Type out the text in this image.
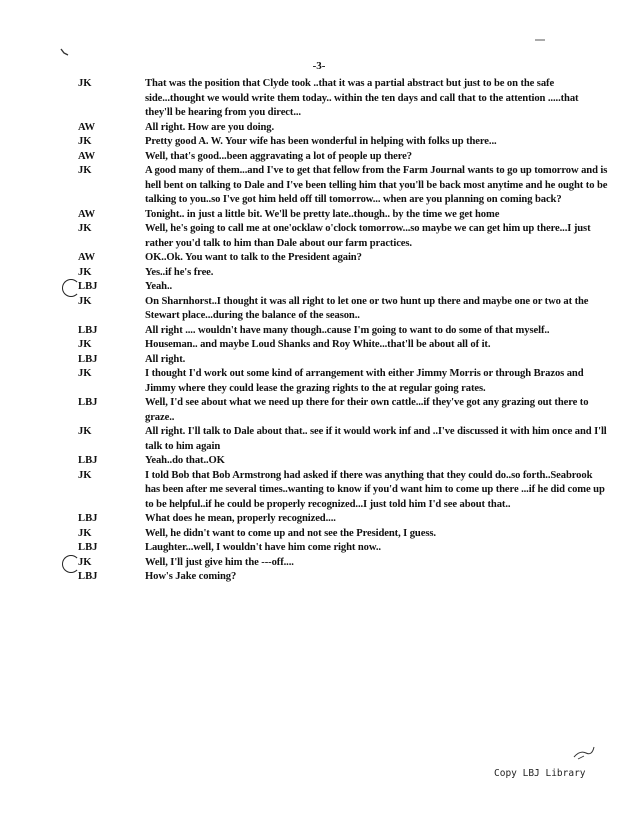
-3-
JK	That was the position that Clyde took ..that it was a partial abstract but just to be on the safe side...thought we would write them today.. within the ten days and call that to the attention .....that they'll be hearing from you direct...
AW	All right. How are you doing.
JK	Pretty good A. W. Your wife has been wonderful in helping with folks up there...
AW	Well, that's good...been aggravating a lot of people up there?
JK	A good many of them...and I've to get that fellow from the Farm Journal wants to go up tomorrow and is hell bent on talking to Dale and I've been telling him that you'll be back most anytime and he ought to be talking to you..so I've got him held off till tomorrow... when are you planning on coming back?
AW	Tonight.. in just a little bit. We'll be pretty late..though.. by the time we get home
JK	Well, he's going to call me at one'ocklaw o'clock tomorrow...so maybe we can get him up there...I just rather you'd talk to him than Dale about our farm practices.
AW	OK..Ok. You want to talk to the President again?
JK	Yes..if he's free.
LBJ	Yeah..
JK	On Sharnhorst..I thought it was all right to let one or two hunt up there and maybe one or two at the Stewart place...during the balance of the season..
LBJ	All right .... wouldn't have many though..cause I'm going to want to do some of that myself..
JK	Houseman.. and maybe Loud Shanks and Roy White...that'll be about all of it.
LBJ	All right.
JK	I thought I'd work out some kind of arrangement with either Jimmy Morris or through Brazos and Jimmy where they could lease the grazing rights to the at regular going rates.
LBJ	Well, I'd see about what we need up there for their own cattle...if they've got any grazing out there to graze..
JK	All right. I'll talk to Dale about that.. see if it would work inf and ..I've discussed it with him once and I'll talk to him again
LBJ	Yeah..do that..OK
JK	I told Bob that Bob Armstrong had asked if there was anything that they could do..so forth..Seabrook has been after me several times..wanting to know if you'd want him to come up there ...if he did come up to be helpful..if he could be properly recognized...I just told him I'd see about that..
LBJ	What does he mean, properly recognized....
JK	Well, he didn't want to come up and not see the President, I guess.
LBJ	Laughter...well, I wouldn't have him come right now..
JK	Well, I'll just give him the ---off....
LBJ	How's Jake coming?
Copy LBJ Library
